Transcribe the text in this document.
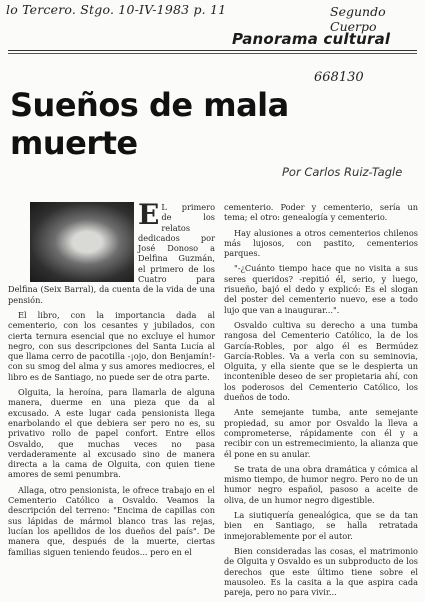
lo Tercero. Stgo. 10-IV-1983 p. 11	Segundo Cuerpo
668130
Panorama cultural
Sueños de mala muerte
Por Carlos Ruiz-Tagle

E L primero de los relatos dedicados por José Donoso a Delfina Guzmán, el primero de los Cuatro para Delfina (Seix Barral), da cuenta de la vida de una pensión.

El libro, con la importancia dada al cementerio, con los cesantes y jubilados, con cierta ternura esencial que no excluye el humor negro, con sus descripciones del Santa Lucía al que llama cerro de pacotilla -¡ojo, don Benjamín!- con su smog del alma y sus amores mediocres, el libro es de Santiago, no puede ser de otra parte.

Olguita, la heroína, para llamarla de alguna manera, duerme en una pieza que da al excusado. A este lugar cada pensionista llega enarbolando el que debiera ser pero no es, su privativo rollo de papel confort. Entre ellos Osvaldo, que muchas veces no pasa verdaderamente al excusado sino de manera directa a la cama de Olguita, con quien tiene amores de semi penumbra.

Allaga, otro pensionista, le ofrece trabajo en el Cementerio Católico a Osvaldo. Veamos la descripción del terreno: "Encima de capillas con sus lápidas de mármol blanco tras las rejas, lucían los apellidos de los dueños del país". De manera que, después de la muerte, ciertas familias siguen teniendo feudos... pero en el

cementerio. Poder y cementerio, sería un tema; el otro: genealogía y cementerio.

Hay alusiones a otros cementerios chilenos más lujosos, con pastito, cementerios parques.

"-¿Cuánto tiempo hace que no visita a sus seres queridos? -repitió él, serio, y luego, risueño, bajó el dedo y explicó: Es el slogan del poster del cementerio nuevo, ese a todo lujo que van a inaugurar...".

Osvaldo cultiva su derecho a una tumba rangosa del Cementerio Católico, la de los García-Robles, por algo él es Bermúdez García-Robles. Va a verla con su seminovia, Olguita, y ella siente que se le despierta un incontenible deseo de ser propietaria ahí, con los poderosos del Cementerio Católico, los dueños de todo.

Ante semejante tumba, ante semejante propiedad, su amor por Osvaldo la lleva a comprometerse, rápidamente con él y a recibir con un estremecimiento, la alianza que él pone en su anular.

Se trata de una obra dramática y cómica al mismo tiempo, de humor negro. Pero no de un humor negro español, pasoso a aceite de oliva, de un humor negro digestible.

La siutiquería genealógica, que se da tan bien en Santiago, se halla retratada inmejorablemente por el autor.

Bien consideradas las cosas, el matrimonio de Olguita y Osvaldo es un subproducto de los derechos que este último tiene sobre el mausoleo. Es la casita a la que aspira cada pareja, pero no para vivir...
